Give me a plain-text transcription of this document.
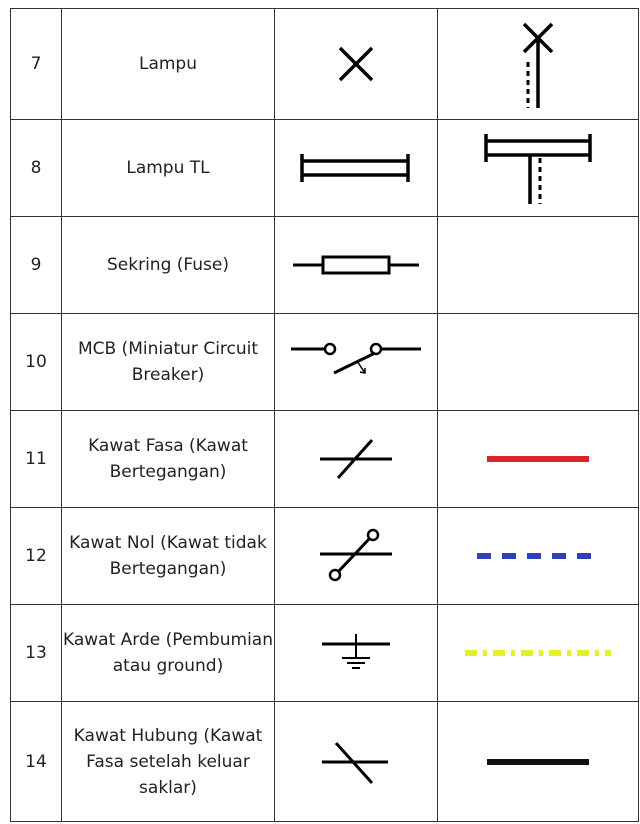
7	Lampu	

8	Lampu TL	

9	Sekring (Fuse)	

10	MCB (Miniatur Circuit Breaker)	

11	Kawat Fasa (Kawat Bertegangan)	

12	Kawat Nol (Kawat tidak Bertegangan)	

13	Kawat Arde (Pembumian atau ground)	

14	Kawat Hubung (Kawat Fasa setelah keluar saklar)	
